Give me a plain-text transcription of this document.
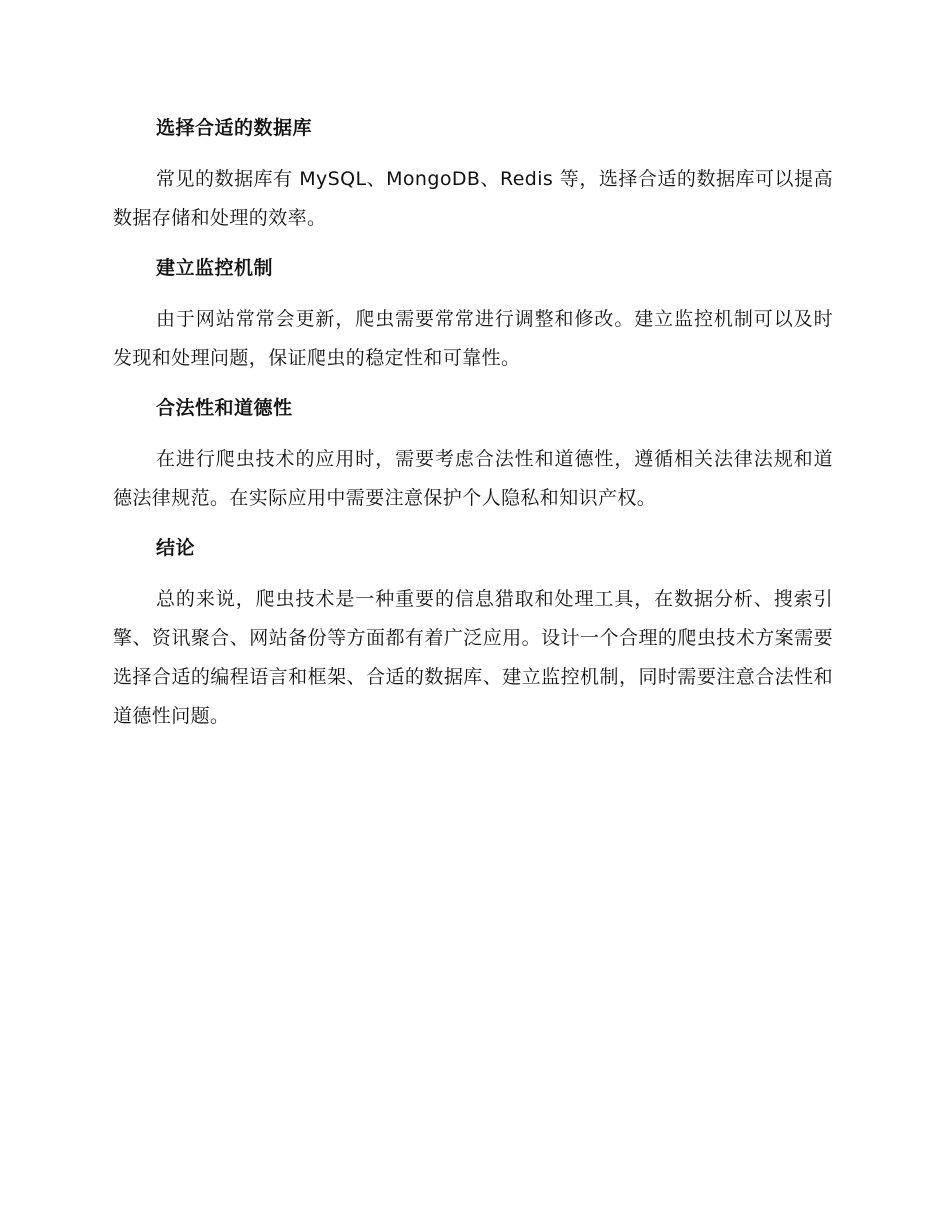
选择合适的数据库
常见的数据库有 MySQL、MongoDB、Redis 等，选择合适的数据库可以提高数据存储和处理的效率。
建立监控机制
由于网站常常会更新，爬虫需要常常进行调整和修改。建立监控机制可以及时发现和处理问题，保证爬虫的稳定性和可靠性。
合法性和道德性
在进行爬虫技术的应用时，需要考虑合法性和道德性，遵循相关法律法规和道德法律规范。在实际应用中需要注意保护个人隐私和知识产权。
结论
总的来说，爬虫技术是一种重要的信息猎取和处理工具，在数据分析、搜索引擎、资讯聚合、网站备份等方面都有着广泛应用。设计一个合理的爬虫技术方案需要选择合适的编程语言和框架、合适的数据库、建立监控机制，同时需要注意合法性和道德性问题。
